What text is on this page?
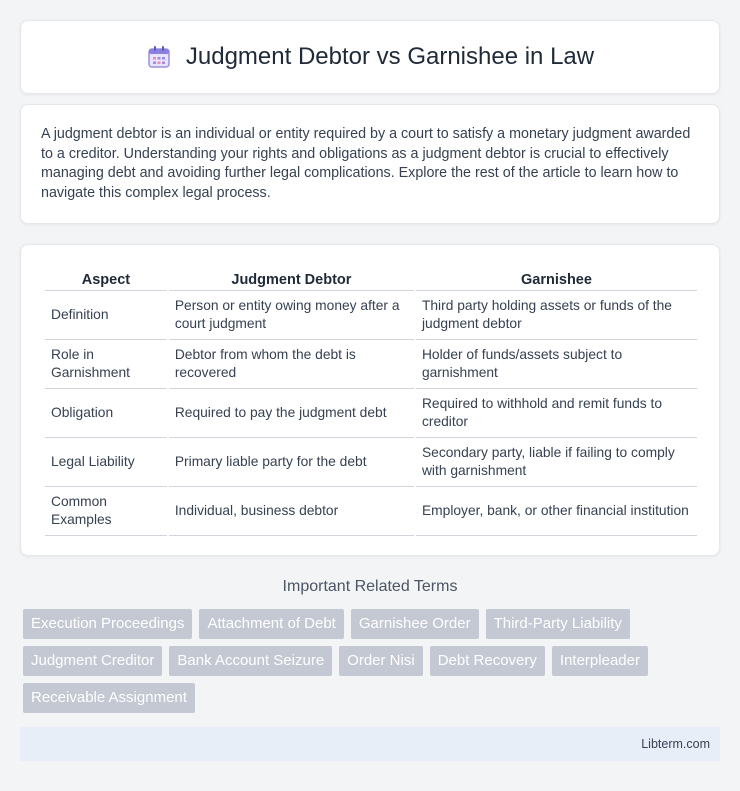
Judgment Debtor vs Garnishee in Law

A judgment debtor is an individual or entity required by a court to satisfy a monetary judgment awarded to a creditor. Understanding your rights and obligations as a judgment debtor is crucial to effectively managing debt and avoiding further legal complications. Explore the rest of the article to learn how to navigate this complex legal process.

Aspect	Judgment Debtor	Garnishee
Definition	Person or entity owing money after a court judgment	Third party holding assets or funds of the judgment debtor
Role in Garnishment	Debtor from whom the debt is recovered	Holder of funds/assets subject to garnishment
Obligation	Required to pay the judgment debt	Required to withhold and remit funds to creditor
Legal Liability	Primary liable party for the debt	Secondary party, liable if failing to comply with garnishment
Common Examples	Individual, business debtor	Employer, bank, or other financial institution
Important Related Terms
Execution Proceedings	Attachment of Debt	Garnishee Order	Third-Party Liability
Judgment Creditor	Bank Account Seizure	Order Nisi	Debt Recovery	Interpleader
Receivable Assignment
Libterm.com
